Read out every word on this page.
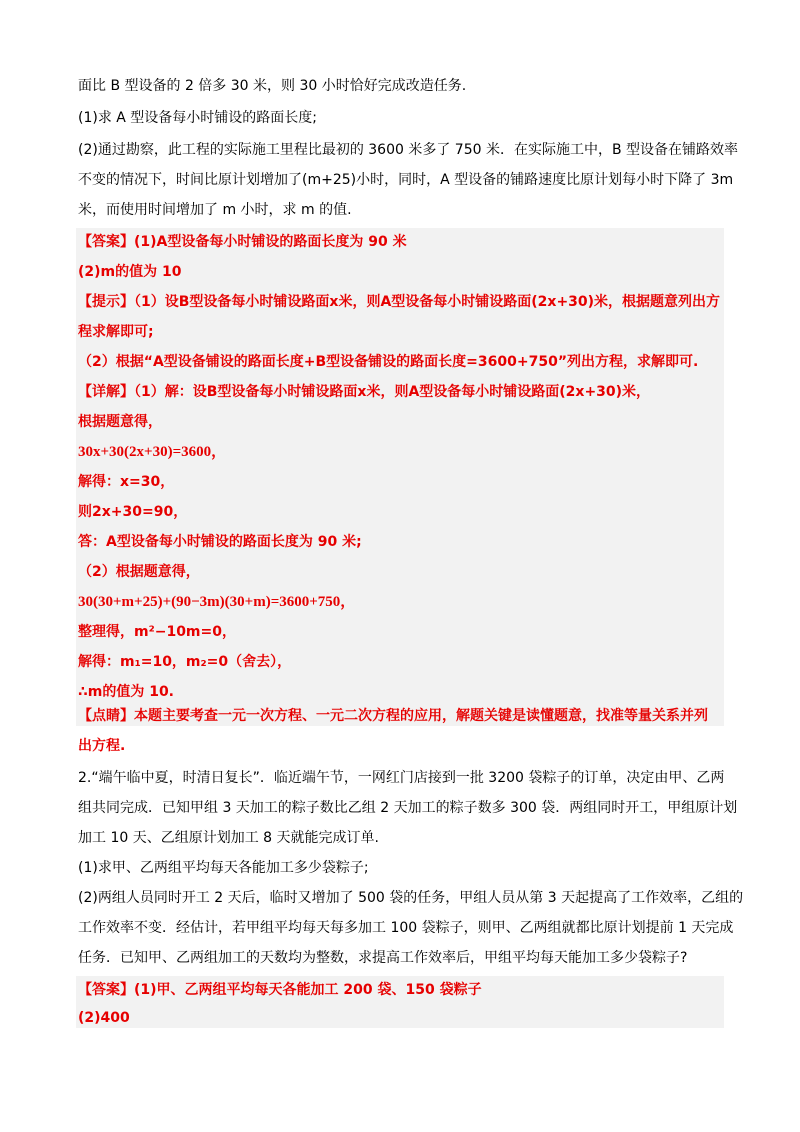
面比 B 型设备的 2 倍多 30 米，则 30 小时恰好完成改造任务.
(1)求 A 型设备每小时铺设的路面长度;
(2)通过勘察，此工程的实际施工里程比最初的 3600 米多了 750 米．在实际施工中，B 型设备在铺路效率
不变的情况下，时间比原计划增加了(m+25)小时，同时，A 型设备的铺路速度比原计划每小时下降了 3m
米，而使用时间增加了 m 小时，求 m 的值.
【答案】(1)A型设备每小时铺设的路面长度为 90 米
(2)m的值为 10
【提示】（1）设B型设备每小时铺设路面x米，则A型设备每小时铺设路面(2x+30)米，根据题意列出方
程求解即可;
（2）根据“A型设备铺设的路面长度+B型设备铺设的路面长度=3600+750”列出方程，求解即可.
【详解】（1）解：设B型设备每小时铺设路面x米，则A型设备每小时铺设路面(2x+30)米，
根据题意得，
30x+30(2x+30)=3600，
解得：x=30，
则2x+30=90，
答：A型设备每小时铺设的路面长度为 90 米;
（2）根据题意得，
30(30+m+25)+(90−3m)(30+m)=3600+750，
整理得，m²−10m=0，
解得：m₁=10，m₂=0（舍去），
∴m的值为 10.
【点睛】本题主要考查一元一次方程、一元二次方程的应用，解题关键是读懂题意，找准等量关系并列
出方程.
2.“端午临中夏，时清日复长”．临近端午节，一网红门店接到一批 3200 袋粽子的订单，决定由甲、乙两
组共同完成．已知甲组 3 天加工的粽子数比乙组 2 天加工的粽子数多 300 袋．两组同时开工，甲组原计划
加工 10 天、乙组原计划加工 8 天就能完成订单.
(1)求甲、乙两组平均每天各能加工多少袋粽子;
(2)两组人员同时开工 2 天后，临时又增加了 500 袋的任务，甲组人员从第 3 天起提高了工作效率，乙组的
工作效率不变．经估计，若甲组平均每天每多加工 100 袋粽子，则甲、乙两组就都比原计划提前 1 天完成
任务．已知甲、乙两组加工的天数均为整数，求提高工作效率后，甲组平均每天能加工多少袋粽子?
【答案】(1)甲、乙两组平均每天各能加工 200 袋、150 袋粽子
(2)400
